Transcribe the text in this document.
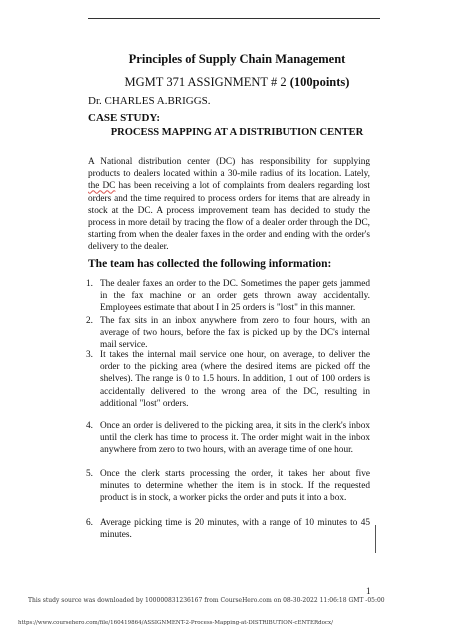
Principles of Supply Chain Management
MGMT 371 ASSIGNMENT # 2 (100points)
Dr. CHARLES A.BRIGGS.
CASE STUDY:
PROCESS MAPPING AT A DISTRIBUTION CENTER
A National distribution center (DC) has responsibility for supplying products to dealers located within a 30-mile radius of its location. Lately, the DC has been receiving a lot of complaints from dealers regarding lost orders and the time required to process orders for items that are already in stock at the DC. A process improvement team has decided to study the process in more detail by tracing the flow of a dealer order through the DC, starting from when the dealer faxes in the order and ending with the order's delivery to the dealer.
The team has collected the following information:
1. The dealer faxes an order to the DC. Sometimes the paper gets jammed in the fax machine or an order gets thrown away accidentally. Employees estimate that about I in 25 orders is "lost" in this manner.
2. The fax sits in an inbox anywhere from zero to four hours, with an average of two hours, before the fax is picked up by the DC's internal mail service.
3. It takes the internal mail service one hour, on average, to deliver the order to the picking area (where the desired items are picked off the shelves). The range is 0 to 1.5 hours. In addition, 1 out of 100 orders is accidentally delivered to the wrong area of the DC, resulting in additional "lost" orders.
4. Once an order is delivered to the picking area, it sits in the clerk's inbox until the clerk has time to process it. The order might wait in the inbox anywhere from zero to two hours, with an average time of one hour.
5. Once the clerk starts processing the order, it takes her about five minutes to determine whether the item is in stock. If the requested product is in stock, a worker picks the order and puts it into a box.
6. Average picking time is 20 minutes, with a range of 10 minutes to 45 minutes.
1
This study source was downloaded by 100000831236167 from CourseHero.com on 08-30-2022 11:06:18 GMT -05:00
https://www.coursehero.com/file/160419864/ASSIGNMENT-2-Process-Mapping-at-DISTRIBUTION-cENTERdocx/
